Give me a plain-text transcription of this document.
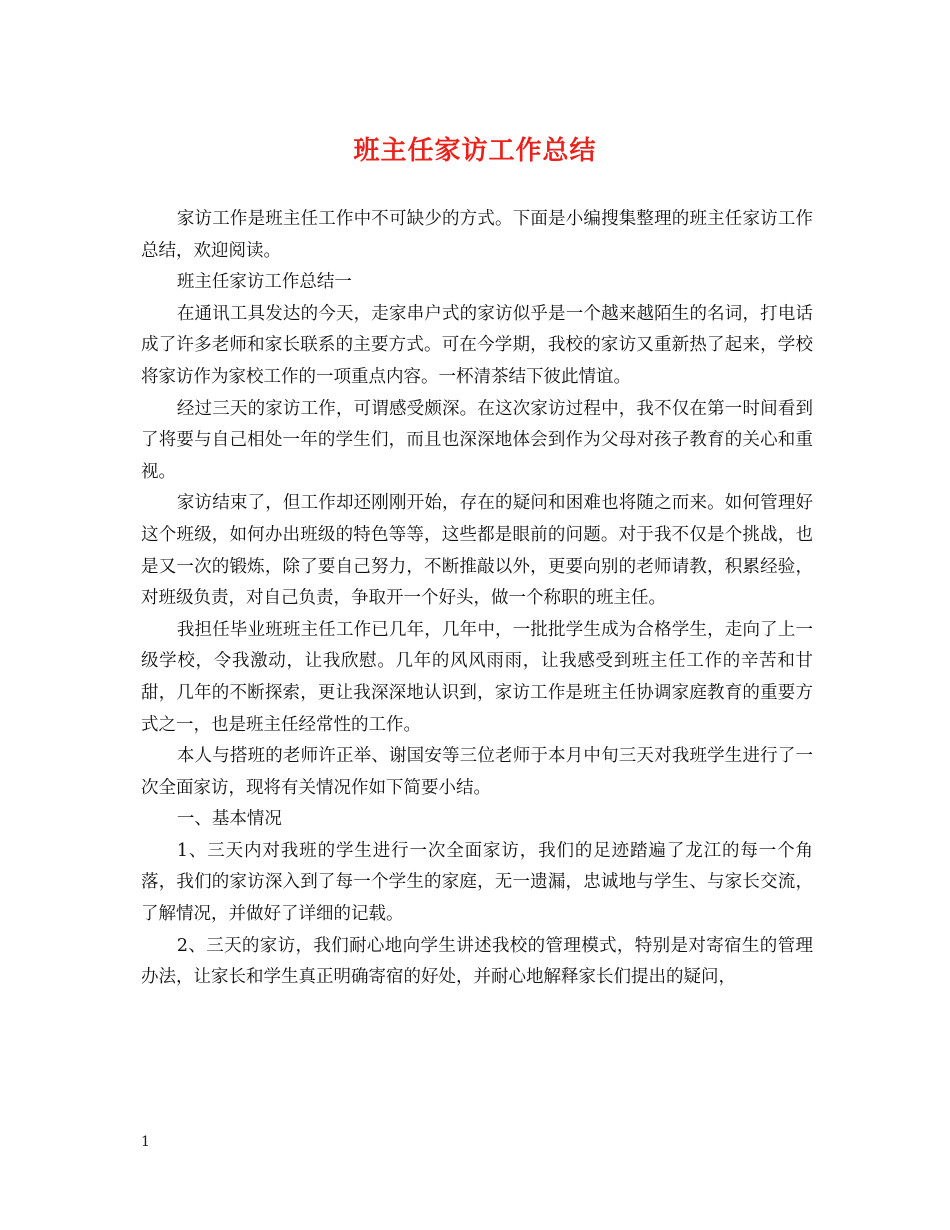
班主任家访工作总结

家访工作是班主任工作中不可缺少的方式。下面是小编搜集整理的班主任家访工作总结，欢迎阅读。

班主任家访工作总结一

在通讯工具发达的今天，走家串户式的家访似乎是一个越来越陌生的名词，打电话成了许多老师和家长联系的主要方式。可在今学期，我校的家访又重新热了起来，学校将家访作为家校工作的一项重点内容。一杯清茶结下彼此情谊。

经过三天的家访工作，可谓感受颇深。在这次家访过程中，我不仅在第一时间看到了将要与自己相处一年的学生们，而且也深深地体会到作为父母对孩子教育的关心和重视。

家访结束了，但工作却还刚刚开始，存在的疑问和困难也将随之而来。如何管理好这个班级，如何办出班级的特色等等，这些都是眼前的问题。对于我不仅是个挑战，也是又一次的锻炼，除了要自己努力，不断推敲以外，更要向别的老师请教，积累经验，对班级负责，对自己负责，争取开一个好头，做一个称职的班主任。

我担任毕业班班主任工作已几年，几年中，一批批学生成为合格学生，走向了上一级学校，令我激动，让我欣慰。几年的风风雨雨，让我感受到班主任工作的辛苦和甘甜，几年的不断探索，更让我深深地认识到，家访工作是班主任协调家庭教育的重要方式之一，也是班主任经常性的工作。

本人与搭班的老师许正举、谢国安等三位老师于本月中旬三天对我班学生进行了一次全面家访，现将有关情况作如下简要小结。

一、基本情况

1、三天内对我班的学生进行一次全面家访，我们的足迹踏遍了龙江的每一个角落，我们的家访深入到了每一个学生的家庭，无一遗漏，忠诚地与学生、与家长交流，了解情况，并做好了详细的记载。

2、三天的家访，我们耐心地向学生讲述我校的管理模式，特别是对寄宿生的管理办法，让家长和学生真正明确寄宿的好处，并耐心地解释家长们提出的疑问，

1
